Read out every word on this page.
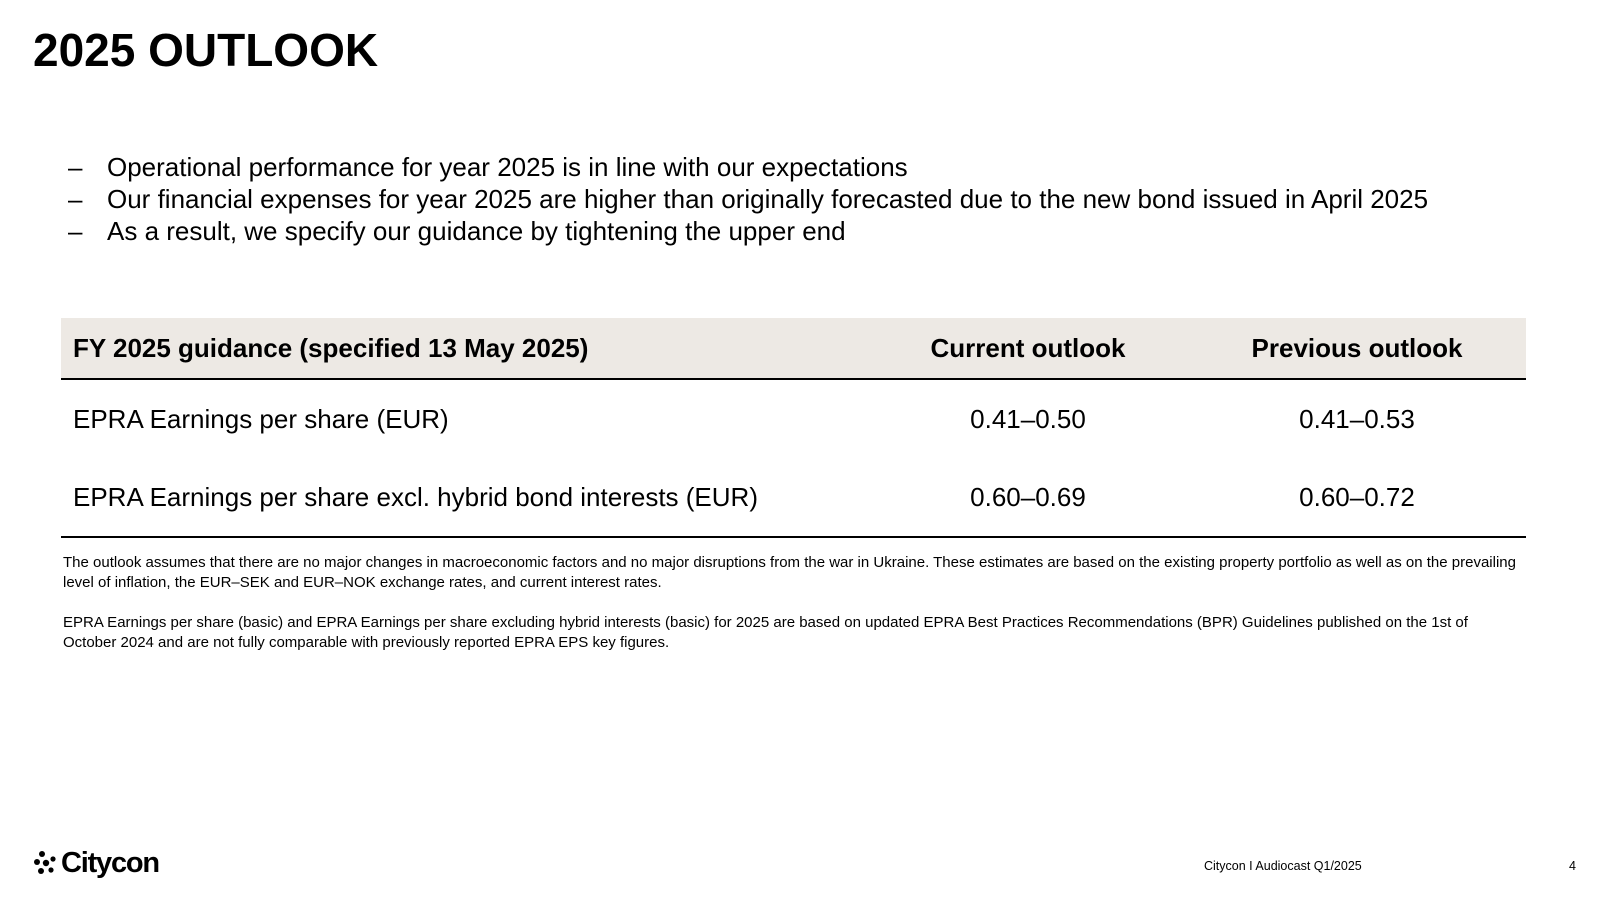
2025 OUTLOOK
– Operational performance for year 2025 is in line with our expectations
– Our financial expenses for year 2025 are higher than originally forecasted due to the new bond issued in April 2025
– As a result, we specify our guidance by tightening the upper end
FY 2025 guidance (specified 13 May 2025)	Current outlook	Previous outlook
EPRA Earnings per share (EUR)	0.41–0.50	0.41–0.53
EPRA Earnings per share excl. hybrid bond interests (EUR)	0.60–0.69	0.60–0.72

The outlook assumes that there are no major changes in macroeconomic factors and no major disruptions from the war in Ukraine. These estimates are based on the existing property portfolio as well as on the prevailing level of inflation, the EUR–SEK and EUR–NOK exchange rates, and current interest rates.

EPRA Earnings per share (basic) and EPRA Earnings per share excluding hybrid interests (basic) for 2025 are based on updated EPRA Best Practices Recommendations (BPR) Guidelines published on the 1st of October 2024 and are not fully comparable with previously reported EPRA EPS key figures.

Citycon	Citycon I Audiocast Q1/2025	4
